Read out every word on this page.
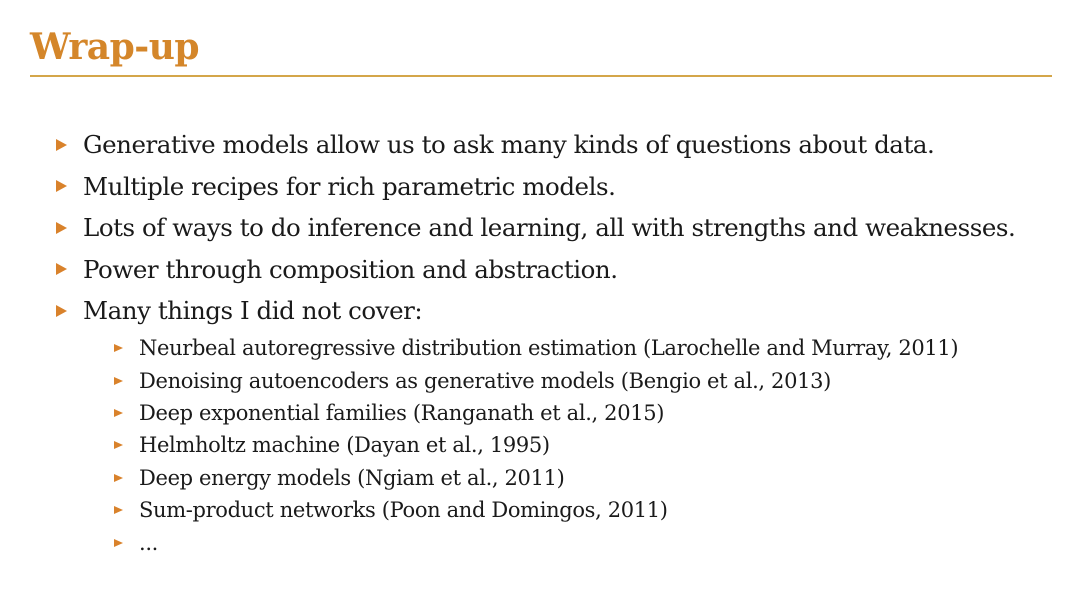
Wrap-up
Generative models allow us to ask many kinds of questions about data.
Multiple recipes for rich parametric models.
Lots of ways to do inference and learning, all with strengths and weaknesses.
Power through composition and abstraction.
Many things I did not cover:
Neurbeal autoregressive distribution estimation (Larochelle and Murray, 2011)
Denoising autoencoders as generative models (Bengio et al., 2013)
Deep exponential families (Ranganath et al., 2015)
Helmholtz machine (Dayan et al., 1995)
Deep energy models (Ngiam et al., 2011)
Sum-product networks (Poon and Domingos, 2011)
...
